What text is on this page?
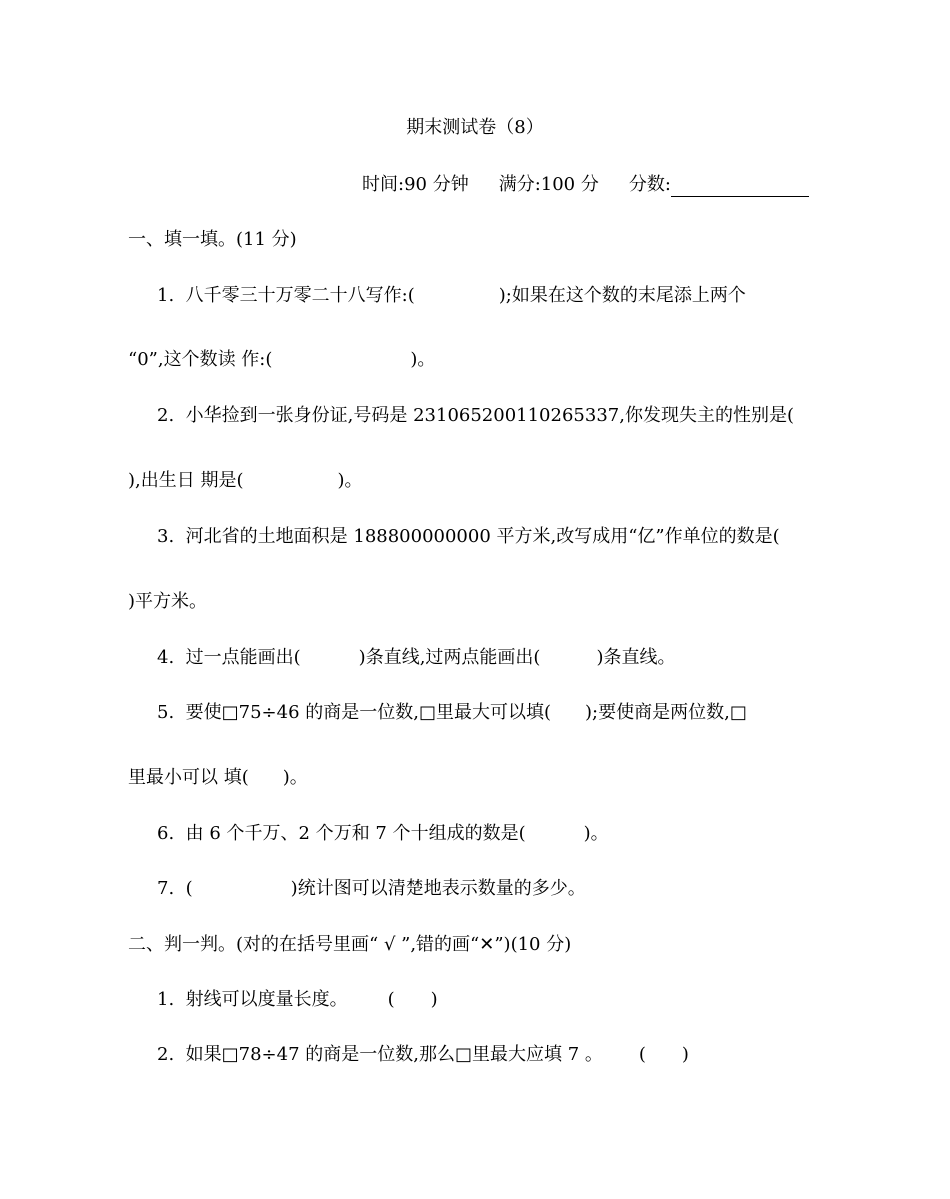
期末测试卷（8）
时间:90 分钟 满分:100 分 分数:
一、填一填。(11 分)
1. 八千零三十万零二十八写作:(	);如果在这个数的末尾添上两个
“0”,这个数读 作:(	)。
2. 小华捡到一张身份证,号码是 231065200110265337,你发现失主的性别是(
),出生日 期是(	)。
3. 河北省的土地面积是 188800000000 平方米,改写成用“亿”作单位的数是(
)平方米。
4. 过一点能画出(	)条直线,过两点能画出(	)条直线。
5. 要使□75÷46 的商是一位数,□里最大可以填( );要使商是两位数,□
里最小可以 填( )。
6. 由 6 个千万、2 个万和 7 个十组成的数是(	)。
7. (	)统计图可以清楚地表示数量的多少。
二、判一判。(对的在括号里画“ √ ”,错的画“✕”)(10 分)
1. 射线可以度量长度。 ( )
2. 如果□78÷47 的商是一位数,那么□里最大应填 7 。 ( )
